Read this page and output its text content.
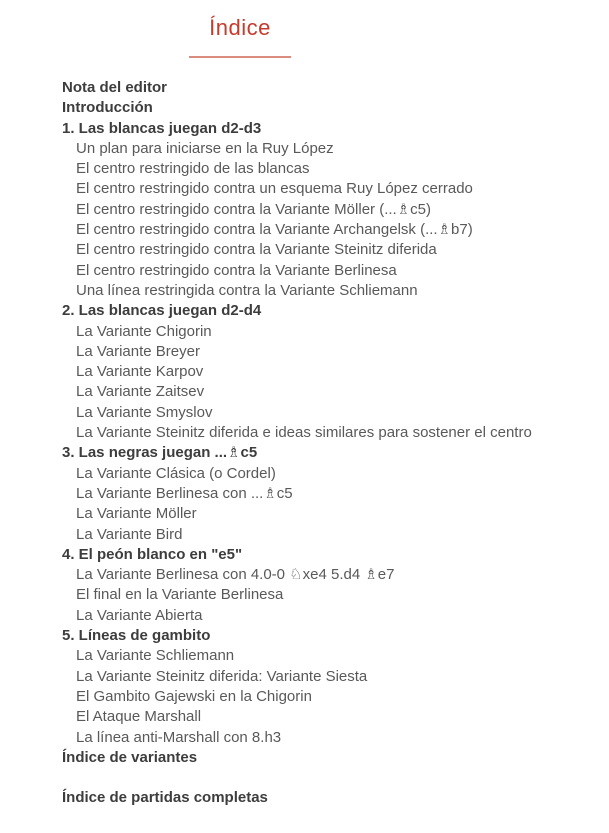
Índice
Nota del editor
Introducción
1. Las blancas juegan d2-d3
Un plan para iniciarse en la Ruy López
El centro restringido de las blancas
El centro restringido contra un esquema Ruy López cerrado
El centro restringido contra la Variante Möller (...♗c5)
El centro restringido contra la Variante Archangelsk (...♗b7)
El centro restringido contra la Variante Steinitz diferida
El centro restringido contra la Variante Berlinesa
Una línea restringida contra la Variante Schliemann
2. Las blancas juegan d2-d4
La Variante Chigorin
La Variante Breyer
La Variante Karpov
La Variante Zaitsev
La Variante Smyslov
La Variante Steinitz diferida e ideas similares para sostener el centro
3. Las negras juegan ...♗c5
La Variante Clásica (o Cordel)
La Variante Berlinesa con ...♗c5
La Variante Möller
La Variante Bird
4. El peón blanco en "e5"
La Variante Berlinesa con 4.0-0 ♘xe4 5.d4 ♗e7
El final en la Variante Berlinesa
La Variante Abierta
5. Líneas de gambito
La Variante Schliemann
La Variante Steinitz diferida: Variante Siesta
El Gambito Gajewski en la Chigorin
El Ataque Marshall
La línea anti-Marshall con 8.h3
Índice de variantes
Índice de partidas completas
